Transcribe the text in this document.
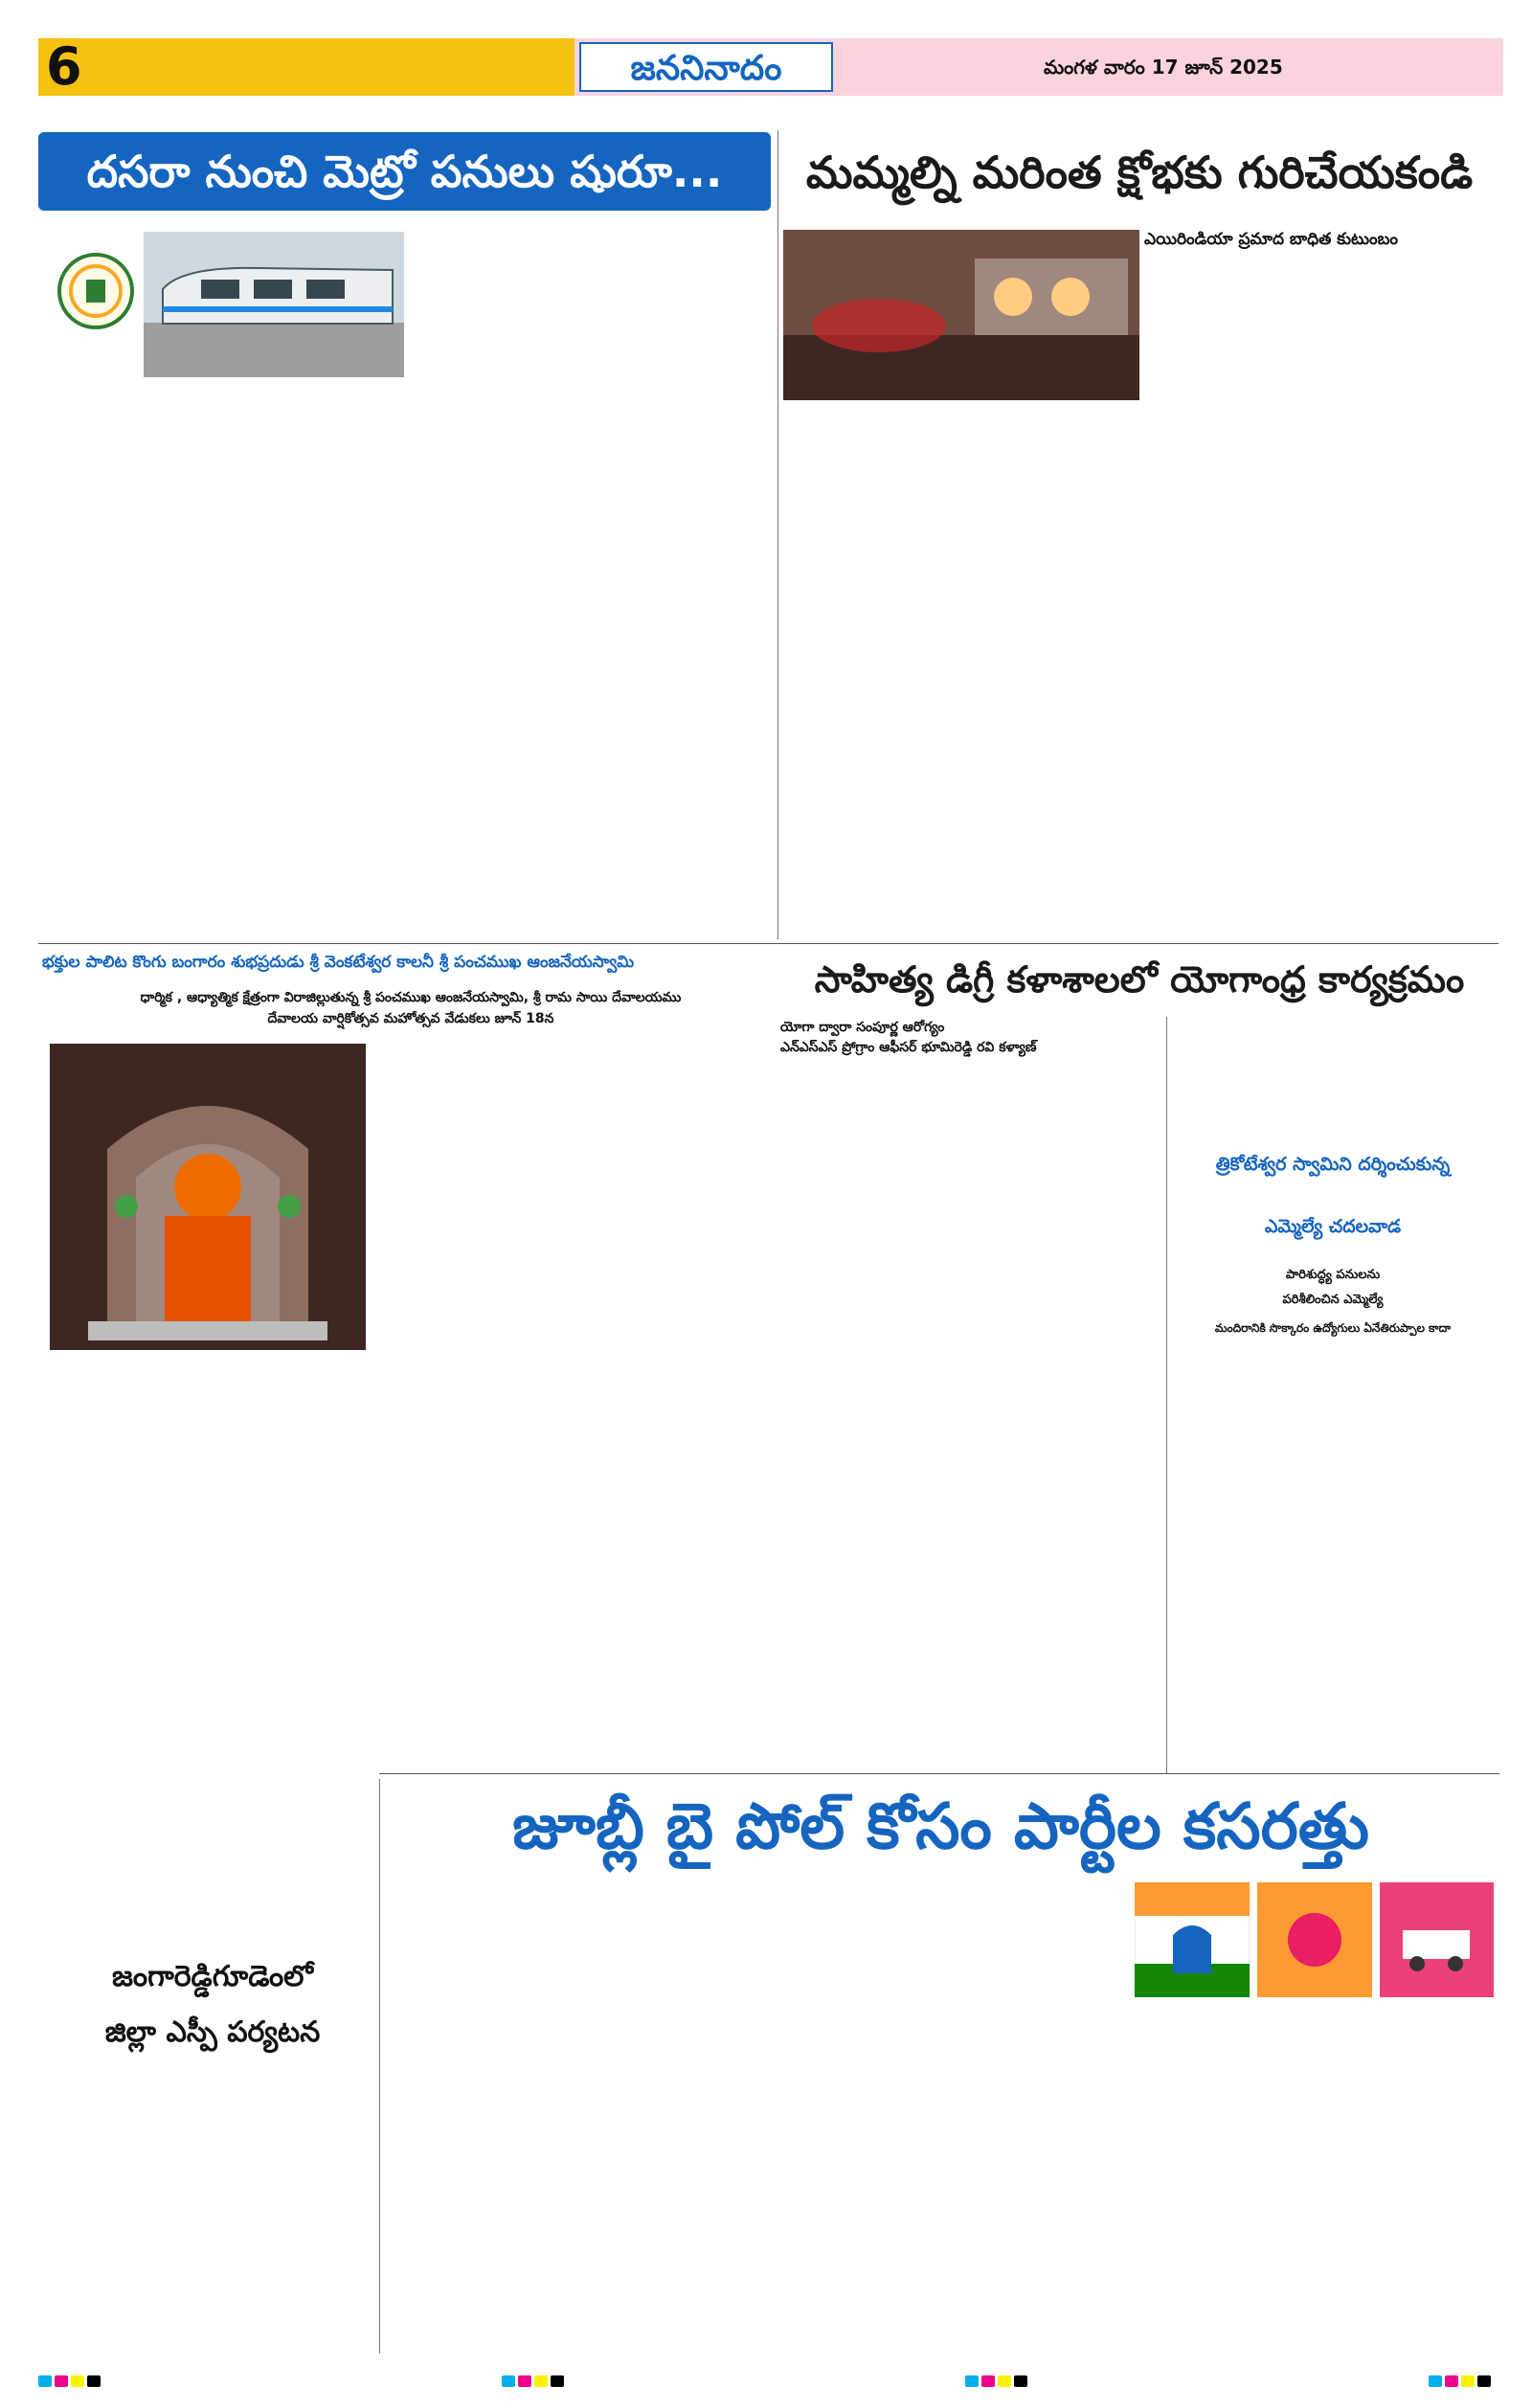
6	జననినాదం	మంగళ వారం 17 జూన్ 2025
దసరా నుంచి మెట్రో పనులు షురూ...	మమ్మల్ని మరింత క్షోభకు గురిచేయకండి
ఎయిరిండియా ప్రమాద బాధిత కుటుంబం
భక్తుల పాలిట కొంగు బంగారం శుభప్రదుడు శ్రీ వెంకటేశ్వర కాలనీ శ్రీ పంచముఖ ఆంజనేయస్వామి
ధార్మిక , ఆధ్యాత్మిక క్షేత్రంగా విరాజిల్లుతున్న శ్రీ పంచముఖ ఆంజనేయస్వామి, శ్రీ రామ సాయి దేవాలయము
దేవాలయ వార్షికోత్సవ మహోత్సవ వేడుకలు జూన్ 18న
సాహిత్య డిగ్రీ కళాశాలలో యోగాంధ్ర కార్యక్రమం
యోగా ద్వారా సంపూర్ణ ఆరోగ్యం
ఎన్ఎస్ఎస్ ప్రోగ్రాం ఆఫీసర్ భూమిరెడ్డి రవి కళ్యాణ్
త్రికోటేశ్వర స్వామిని దర్శించుకున్న
ఎమ్మెల్యే చదలవాడ
పారిశుద్ధ్య పనులను
పరిశీలించిన ఎమ్మెల్యే
మందిరానికి సొక్కారం ఉద్యోగులు ఏనేతిరుప్పాల కాదా
జంగారెడ్డిగూడెంలో
జిల్లా ఎస్పీ పర్యటన
జూబ్లీ బై పోల్ కోసం పార్టీల కసరత్తు
